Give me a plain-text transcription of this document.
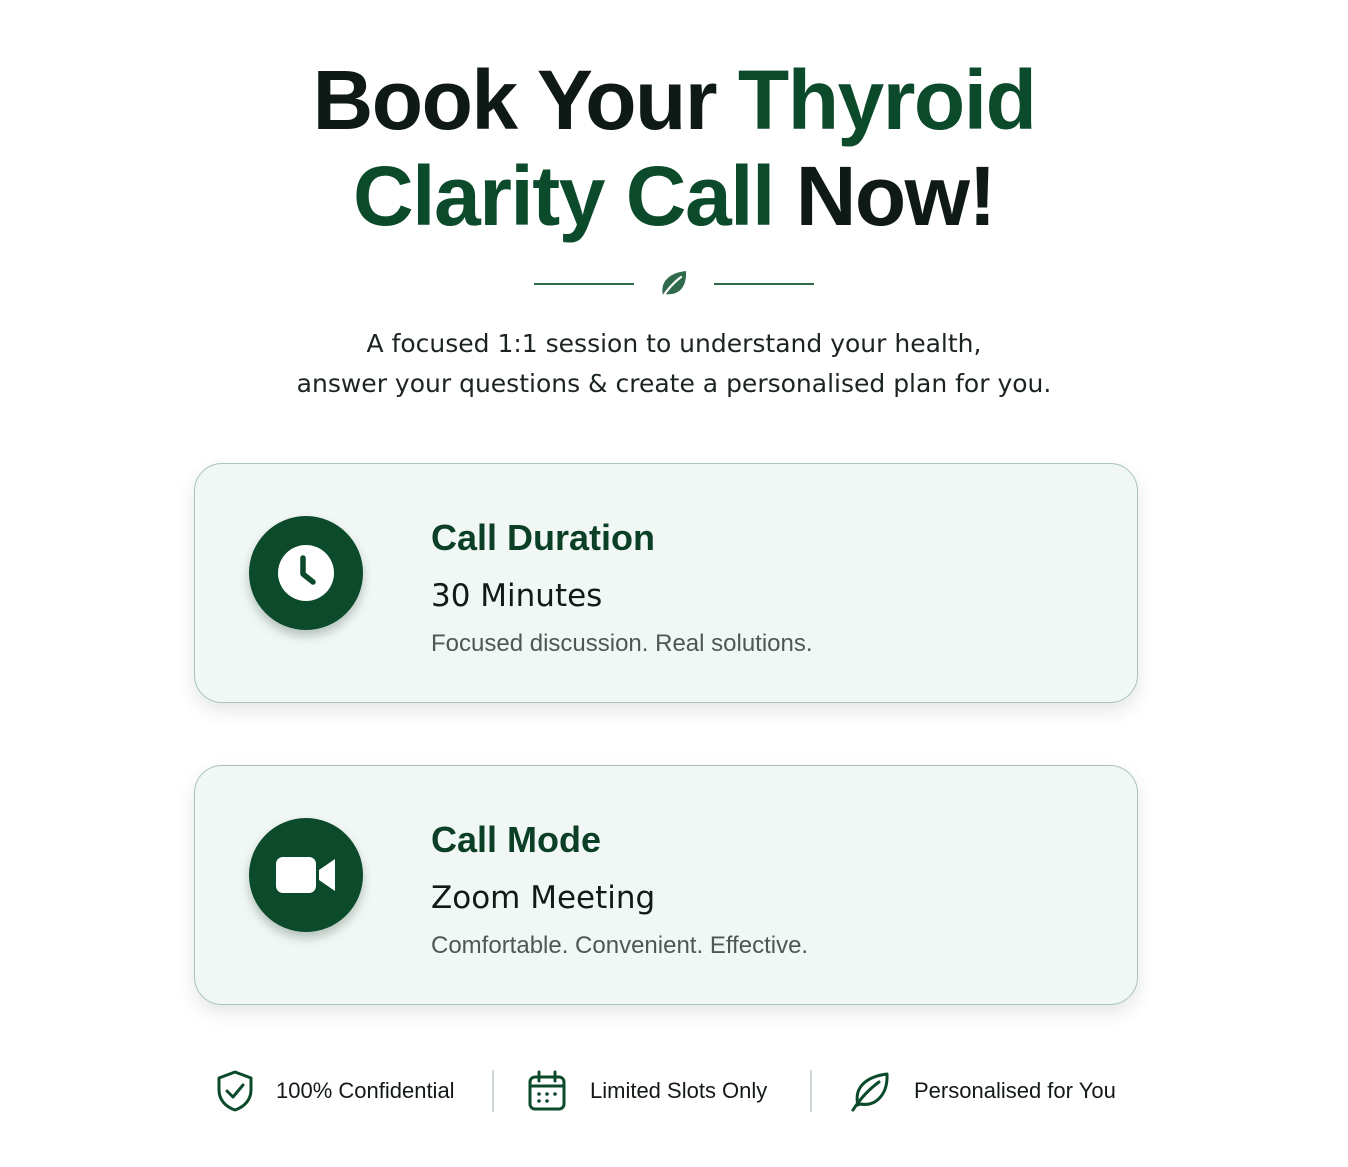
Book Your Thyroid
Clarity Call Now!

A focused 1:1 session to understand your health,
answer your questions & create a personalised plan for you.

Call Duration

30 Minutes

Focused discussion. Real solutions.

Call Mode

Zoom Meeting

Comfortable. Convenient. Effective.

100% Confidential	Limited Slots Only	Personalised for You
